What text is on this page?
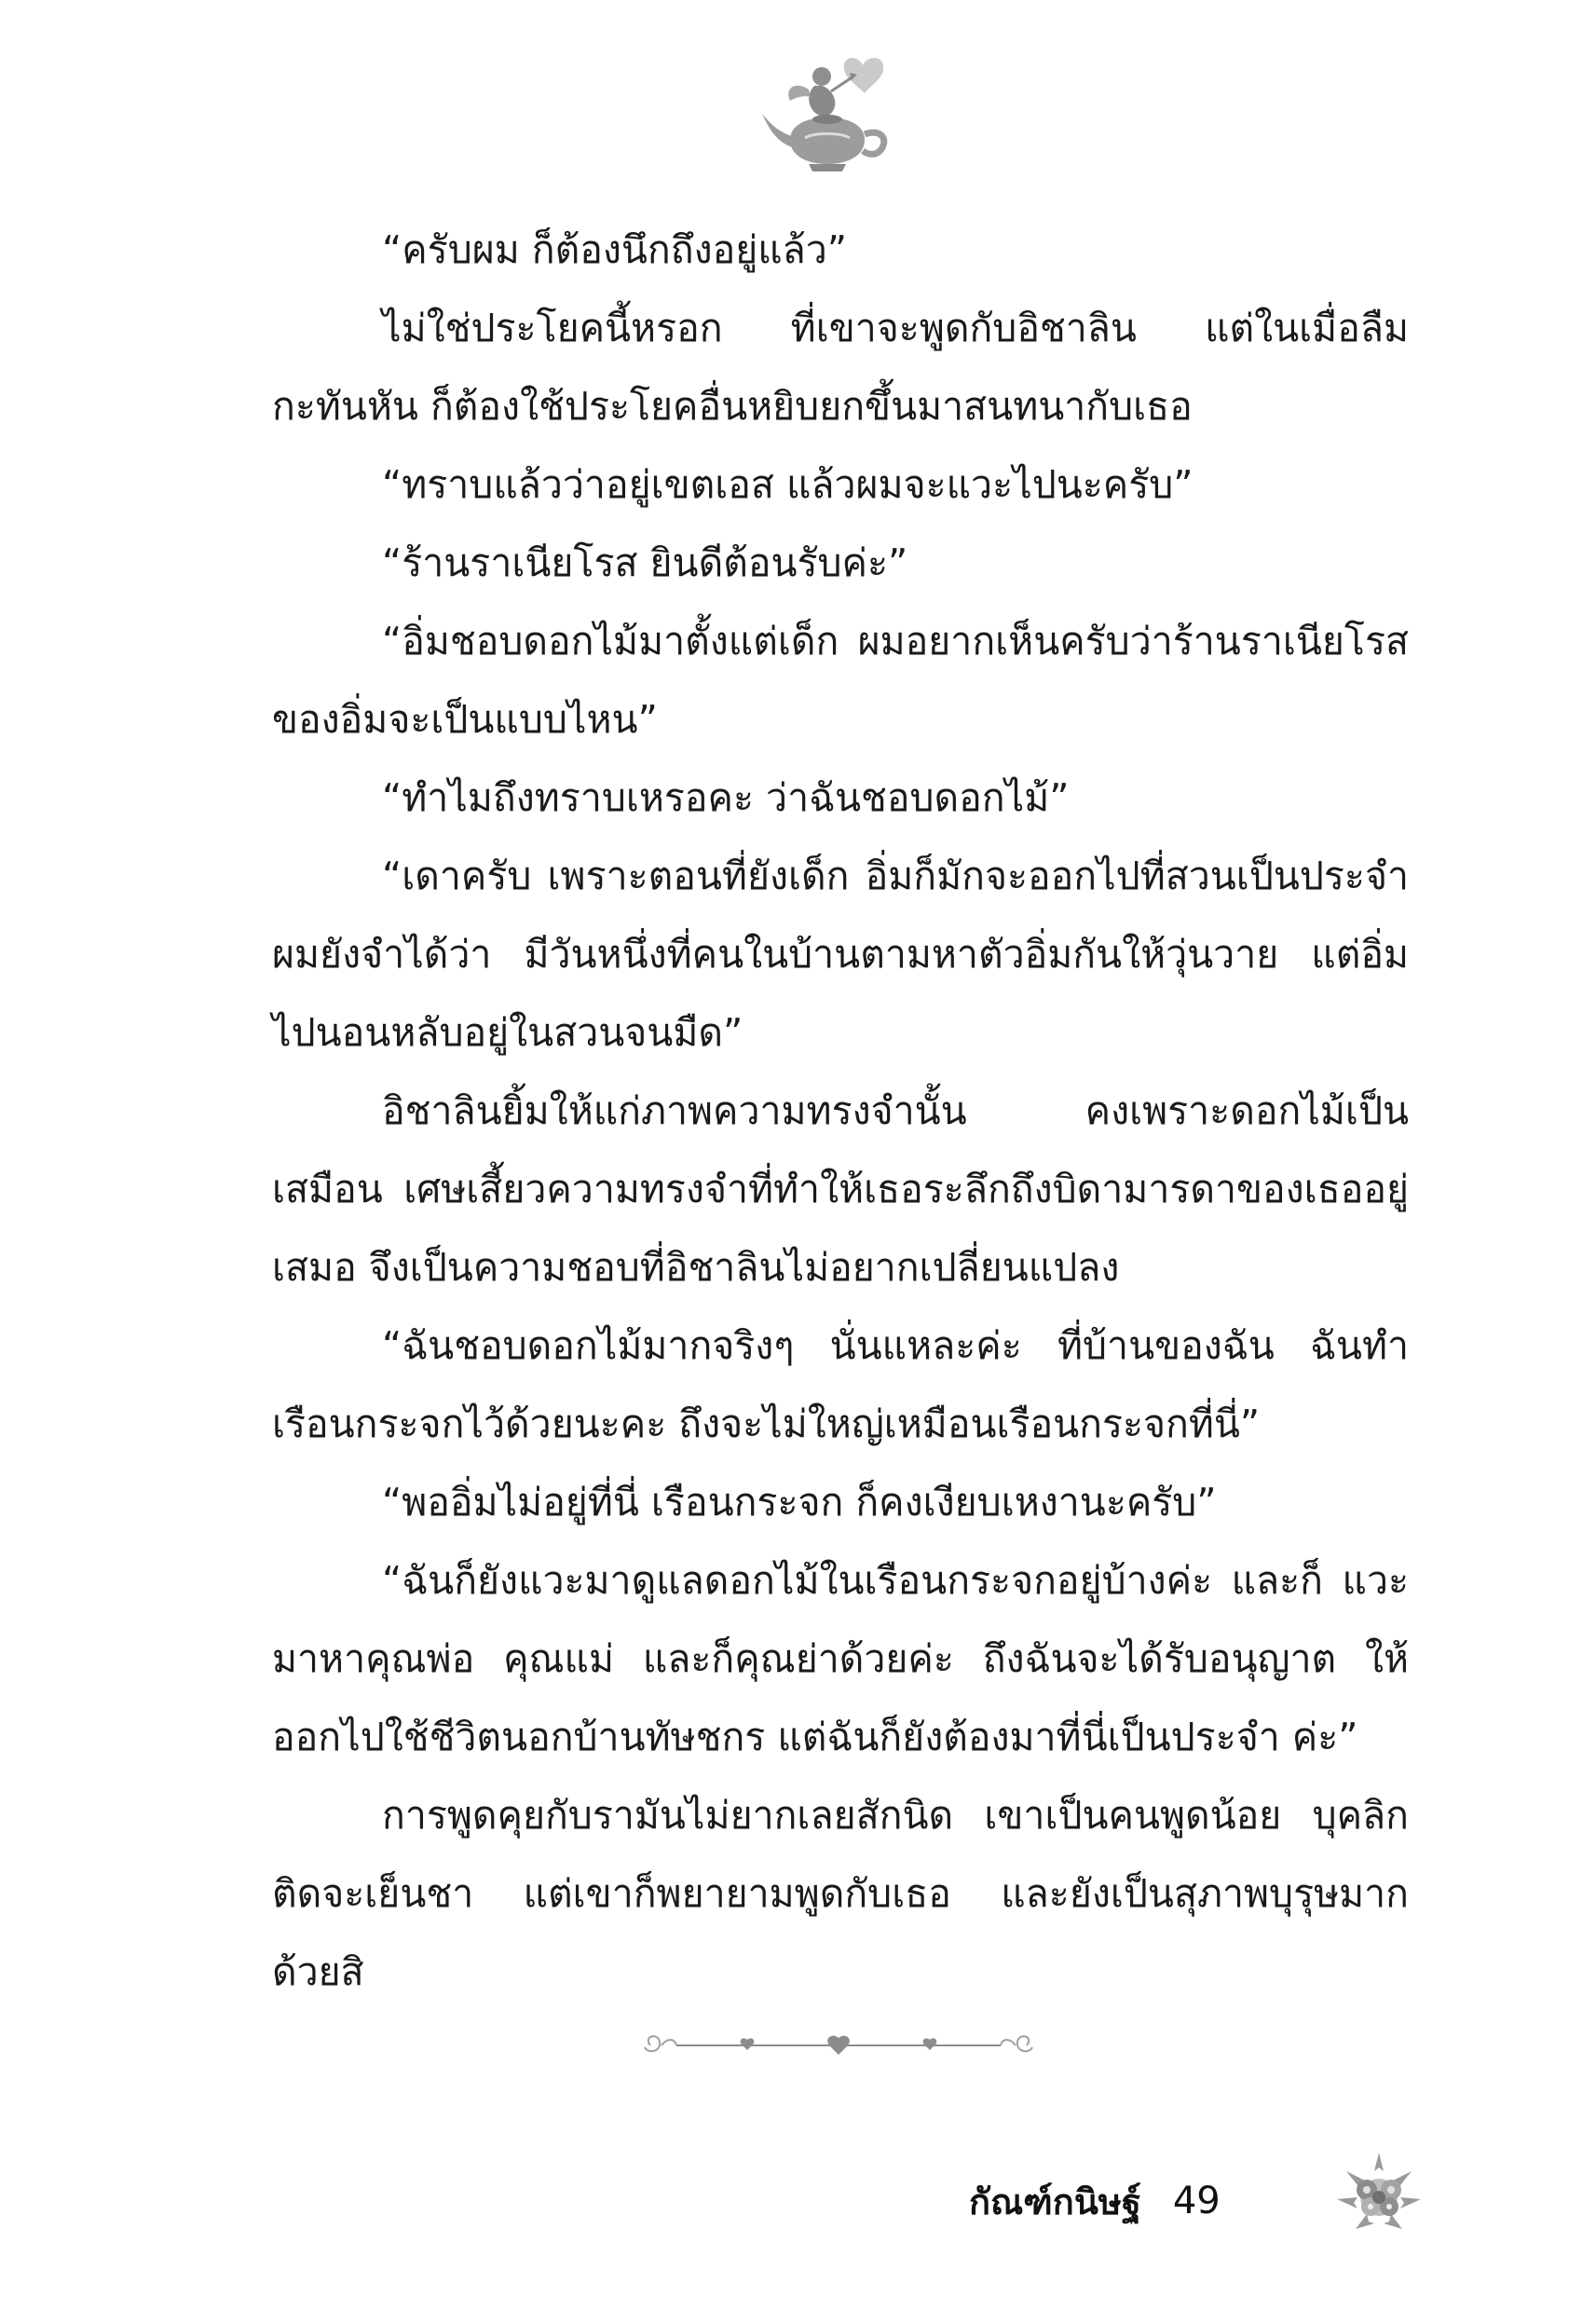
“ครับผม ก็ต้องนึกถึงอยู่แล้ว”

ไม่ใช่ประโยคนี้หรอก ที่เขาจะพูดกับอิชาลิน แต่ในเมื่อลืมกะทันหัน ก็ต้องใช้ประโยคอื่นหยิบยกขึ้นมาสนทนากับเธอ

“ทราบแล้วว่าอยู่เขตเอส แล้วผมจะแวะไปนะครับ”

“ร้านราเนียโรส ยินดีต้อนรับค่ะ”

“อิ่มชอบดอกไม้มาตั้งแต่เด็ก ผมอยากเห็นครับว่าร้านราเนียโรส ของอิ่มจะเป็นแบบไหน”

“ทำไมถึงทราบเหรอคะ ว่าฉันชอบดอกไม้”

“เดาครับ เพราะตอนที่ยังเด็ก อิ่มก็มักจะออกไปที่สวนเป็นประจำ ผมยังจำได้ว่า มีวันหนึ่งที่คนในบ้านตามหาตัวอิ่มกันให้วุ่นวาย แต่อิ่ม ไปนอนหลับอยู่ในสวนจนมืด”

อิชาลินยิ้มให้แก่ภาพความทรงจำนั้น คงเพราะดอกไม้เป็นเสมือน เศษเสี้ยวความทรงจำที่ทำให้เธอระลึกถึงบิดามารดาของเธออยู่เสมอ จึงเป็นความชอบที่อิชาลินไม่อยากเปลี่ยนแปลง

“ฉันชอบดอกไม้มากจริงๆ นั่นแหละค่ะ ที่บ้านของฉัน ฉันทำ เรือนกระจกไว้ด้วยนะคะ ถึงจะไม่ใหญ่เหมือนเรือนกระจกที่นี่”

“พออิ่มไม่อยู่ที่นี่ เรือนกระจก ก็คงเงียบเหงานะครับ”

“ฉันก็ยังแวะมาดูแลดอกไม้ในเรือนกระจกอยู่บ้างค่ะ และก็ แวะมาหาคุณพ่อ คุณแม่ และก็คุณย่าด้วยค่ะ ถึงฉันจะได้รับอนุญาต ให้ออกไปใช้ชีวิตนอกบ้านทัษชกร แต่ฉันก็ยังต้องมาที่นี่เป็นประจำ ค่ะ”

การพูดคุยกับรามันไม่ยากเลยสักนิด เขาเป็นคนพูดน้อย บุคลิก ติดจะเย็นชา แต่เขาก็พยายามพูดกับเธอ และยังเป็นสุภาพบุรุษมาก ด้วยสิ

กัณฑ์กนิษฐ์ 49
